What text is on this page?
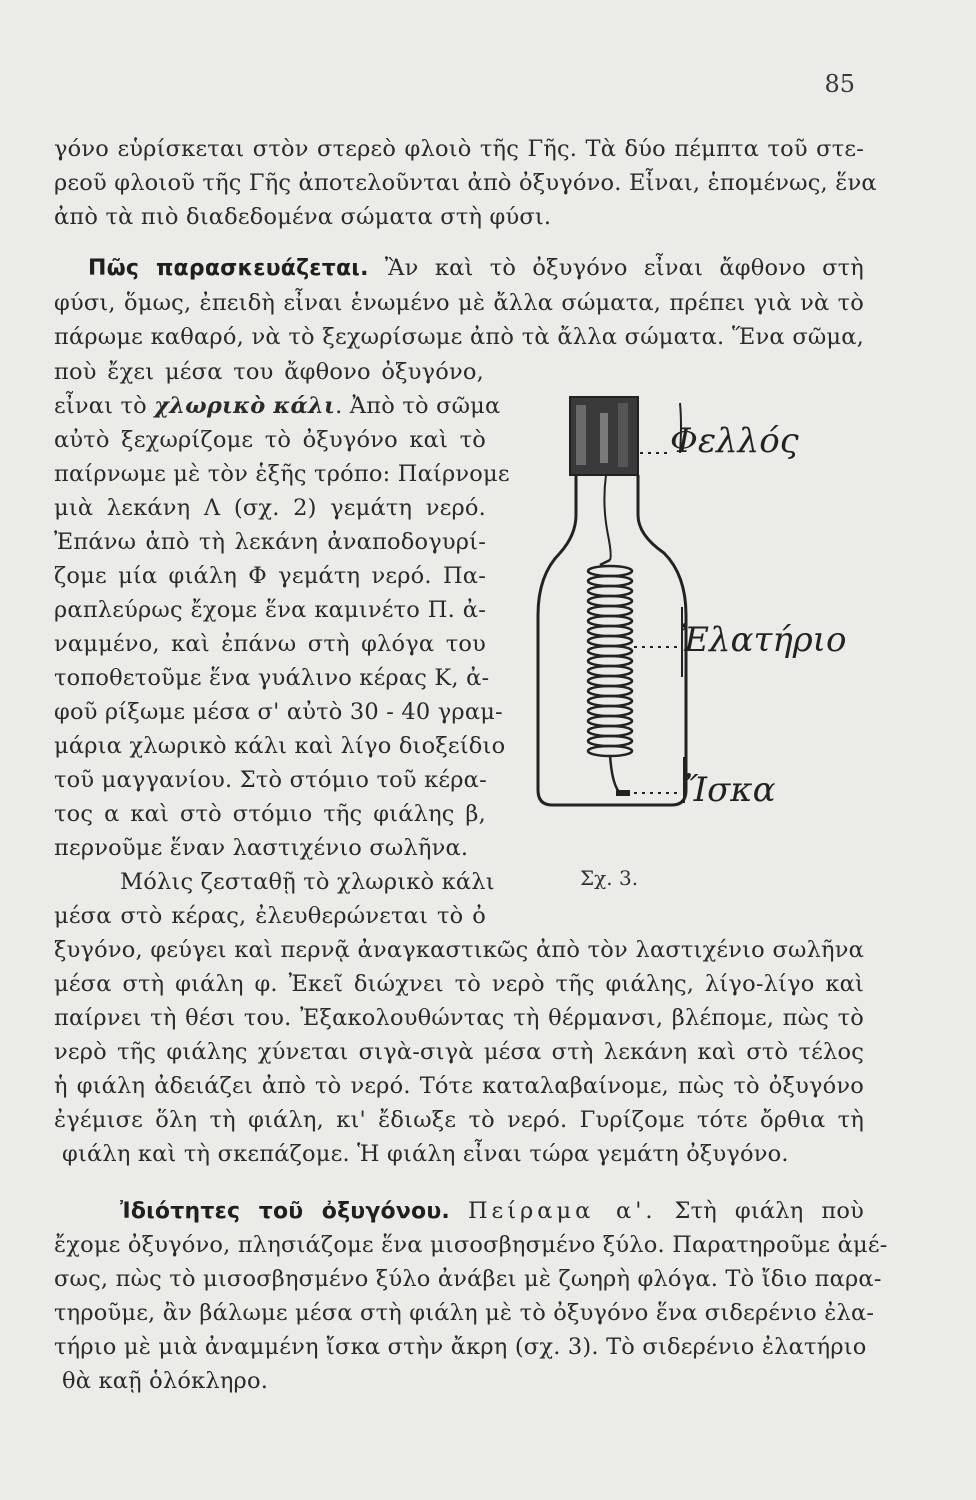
85
γόνο εὑρίσκεται στὸν στερεὸ φλοιὸ τῆς Γῆς. Τὰ δύο πέμπτα τοῦ στε-
ρεοῦ φλοιοῦ τῆς Γῆς ἀποτελοῦνται ἀπὸ ὀξυγόνο. Εἶναι, ἑπομένως, ἕνα
ἀπὸ τὰ πιὸ διαδεδομένα σώματα στὴ φύσι.
Πῶς παρασκευάζεται. Ἂν καὶ τὸ ὀξυγόνο εἶναι ἄφθονο στὴ
φύσι, ὅμως, ἐπειδὴ εἶναι ἑνωμένο μὲ ἄλλα σώματα, πρέπει γιὰ νὰ τὸ
πάρωμε καθαρό, νὰ τὸ ξεχωρίσωμε ἀπὸ τὰ ἄλλα σώματα. Ἕνα σῶμα,
ποὺ ἔχει μέσα του ἄφθονο ὀξυγόνο,
εἶναι τὸ χλωρικὸ κάλι. Ἀπὸ τὸ σῶμα
αὐτὸ ξεχωρίζομε τὸ ὀξυγόνο καὶ τὸ
παίρνωμε μὲ τὸν ἑξῆς τρόπο: Παίρνομε
μιὰ λεκάνη Λ (σχ. 2) γεμάτη νερό.
Ἐπάνω ἀπὸ τὴ λεκάνη ἀναποδογυρί-
ζομε μία φιάλη Φ γεμάτη νερό. Πα-
ραπλεύρως ἔχομε ἕνα καμινέτο Π. ἀ-
ναμμένο, καὶ ἐπάνω στὴ φλόγα του
τοποθετοῦμε ἕνα γυάλινο κέρας Κ, ἀ-
φοῦ ρίξωμε μέσα σ' αὐτὸ 30 - 40 γραμ-
μάρια χλωρικὸ κάλι καὶ λίγο διοξείδιο
τοῦ μαγγανίου. Στὸ στόμιο τοῦ κέρα-
τος α καὶ στὸ στόμιο τῆς φιάλης β,
περνοῦμε ἕναν λαστιχένιο σωλῆνα.
Μόλις ζεσταθῇ τὸ χλωρικὸ κάλι
μέσα στὸ κέρας, ἐλευθερώνεται τὸ ὀ
ξυγόνο, φεύγει καὶ περνᾷ ἀναγκαστικῶς ἀπὸ τὸν λαστιχένιο σωλῆνα
μέσα στὴ φιάλη φ. Ἐκεῖ διώχνει τὸ νερὸ τῆς φιάλης, λίγο-λίγο καὶ
παίρνει τὴ θέσι του. Ἐξακολουθώντας τὴ θέρμανσι, βλέπομε, πὼς τὸ
νερὸ τῆς φιάλης χύνεται σιγὰ-σιγὰ μέσα στὴ λεκάνη καὶ στὸ τέλος
ἡ φιάλη ἀδειάζει ἀπὸ τὸ νερό. Τότε καταλαβαίνομε, πὼς τὸ ὀξυγόνο
ἐγέμισε ὅλη τὴ φιάλη, κι' ἔδιωξε τὸ νερό. Γυρίζομε τότε ὄρθια τὴ
φιάλη καὶ τὴ σκεπάζομε. Ἡ φιάλη εἶναι τώρα γεμάτη ὀξυγόνο.
Ἰδιότητες τοῦ ὀξυγόνου. Πείραμα α'. Στὴ φιάλη ποὺ
ἔχομε ὀξυγόνο, πλησιάζομε ἕνα μισοσβησμένο ξύλο. Παρατηροῦμε ἀμέ-
σως, πὼς τὸ μισοσβησμένο ξύλο ἀνάβει μὲ ζωηρὴ φλόγα. Τὸ ἴδιο παρα-
τηροῦμε, ἂν βάλωμε μέσα στὴ φιάλη μὲ τὸ ὀξυγόνο ἕνα σιδερένιο ἐλα-
τήριο μὲ μιὰ ἀναμμένη ἴσκα στὴν ἄκρη (σχ. 3). Τὸ σιδερένιο ἐλατήριο
θὰ καῇ ὁλόκληρο.
Φελλός
Ἐλατήριο
Ἴσκα
Σχ. 3.
